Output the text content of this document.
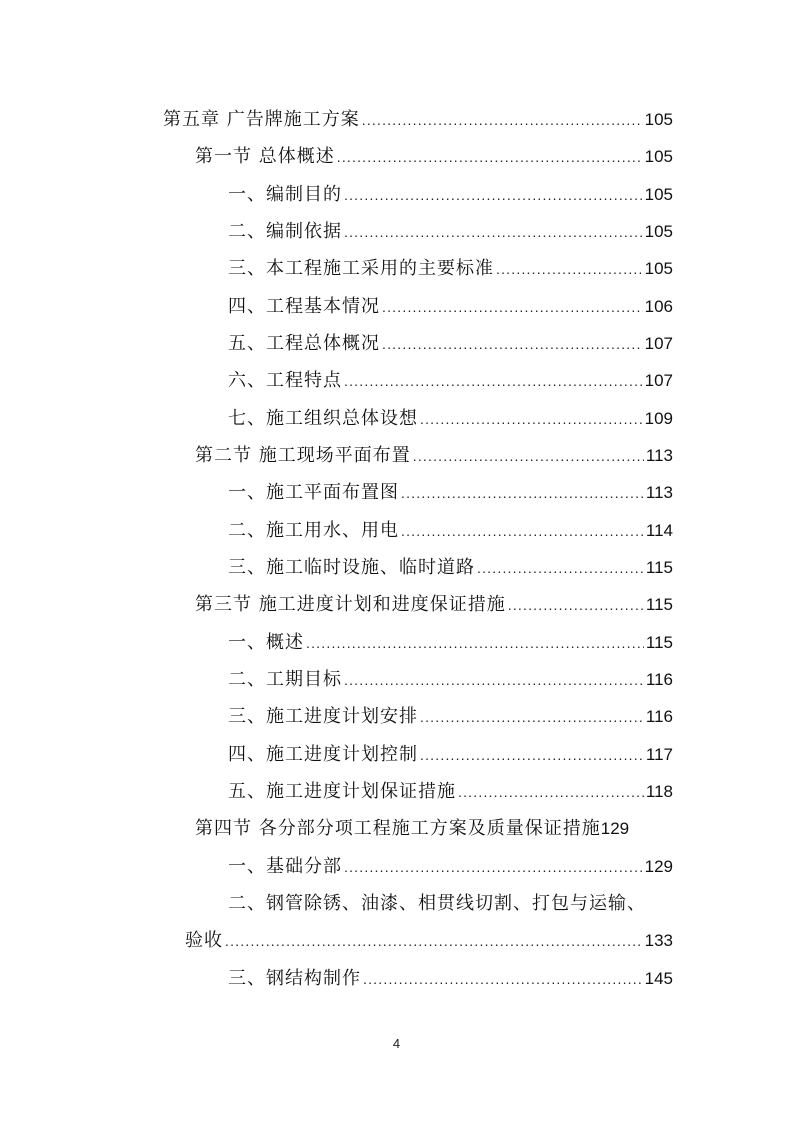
第五章 广告牌施工方案 .....	105
第一节 总体概述 .....	105
一、编制目的 .....	105
二、编制依据 .....	105
三、本工程施工采用的主要标准 .....	105
四、工程基本情况 .....	106
五、工程总体概况 .....	107
六、工程特点 .....	107
七、施工组织总体设想 .....	109
第二节 施工现场平面布置 .....	113
一、施工平面布置图 .....	113
二、施工用水、用电 .....	114
三、施工临时设施、临时道路 .....	115
第三节 施工进度计划和进度保证措施 .....	115
一、概述 .....	115
二、工期目标 .....	116
三、施工进度计划安排 .....	116
四、施工进度计划控制 .....	117
五、施工进度计划保证措施 .....	118
第四节 各分部分项工程施工方案及质量保证措施 129
一、基础分部 .....	129
二、钢管除锈、油漆、相贯线切割、打包与运输、
验收 .....	133
三、钢结构制作 .....	145
4
